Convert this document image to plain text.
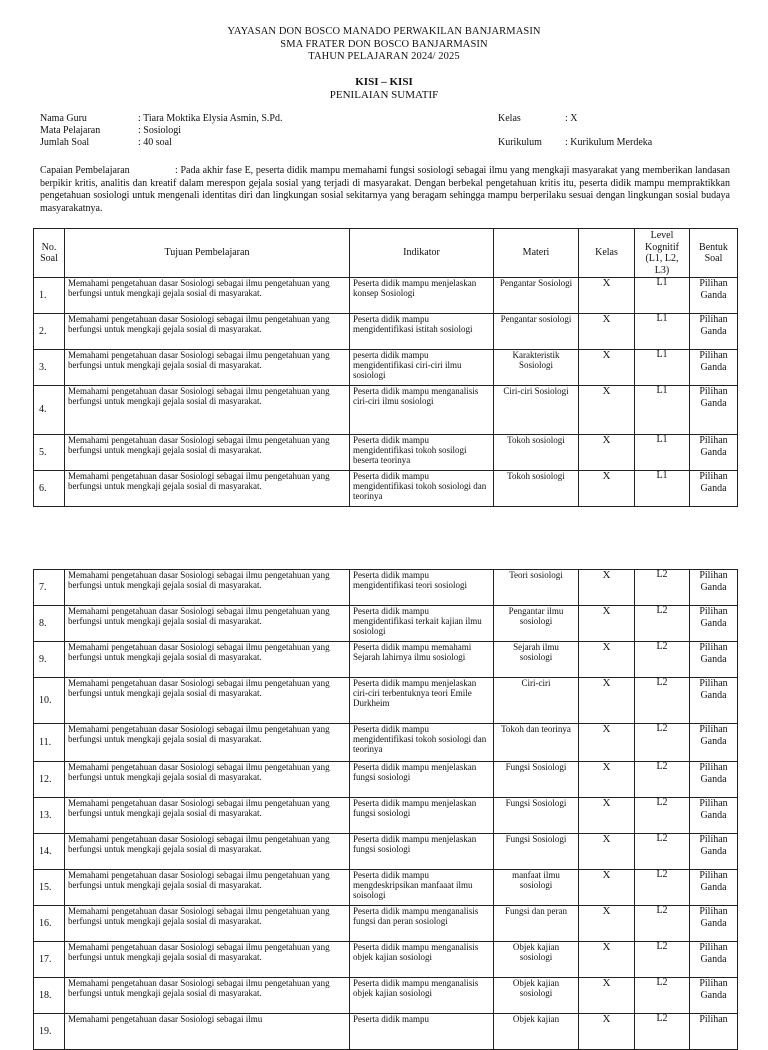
YAYASAN DON BOSCO MANADO PERWAKILAN BANJARMASIN
SMA FRATER DON BOSCO BANJARMASIN
TAHUN PELAJARAN 2024/ 2025
KISI – KISI
PENILAIAN SUMATIF
Nama Guru	: Tiara Moktika Elysia Asmin, S.Pd.	Kelas	: X
Mata Pelajaran	: Sosiologi
Jumlah Soal	: 40 soal	Kurikulum : Kurikulum Merdeka
Capaian Pembelajaran	: Pada akhir fase E, peserta didik mampu memahami fungsi sosiologi sebagai ilmu yang mengkaji masyarakat yang memberikan landasan berpikir kritis, analitis dan kreatif dalam merespon gejala sosial yang terjadi di masyarakat. Dengan berbekal pengetahuan kritis itu, peserta didik mampu mempraktikkan pengetahuan sosiologi untuk mengenali identitas diri dan lingkungan sosial sekitarnya yang beragam sehingga mampu berperilaku sesuai dengan lingkungan sosial budaya masyarakatnya.
No. Soal	Tujuan Pembelajaran	Indikator	Materi	Kelas	Level Kognitif (L1, L2, L3)	Bentuk Soal
1.	Memahami pengetahuan dasar Sosiologi sebagai ilmu pengetahuan yang berfungsi untuk mengkaji gejala sosial di masyarakat.	Peserta didik mampu menjelaskan konsep Sosiologi	Pengantar Sosiologi	X	L1	Pilihan Ganda
2.	Memahami pengetahuan dasar Sosiologi sebagai ilmu pengetahuan yang berfungsi untuk mengkaji gejala sosial di masyarakat.	Peserta didik mampu mengidentifikasi istitah sosiologi	Pengantar sosiologi	X	L1	Pilihan Ganda
3.	Memahami pengetahuan dasar Sosiologi sebagai ilmu pengetahuan yang berfungsi untuk mengkaji gejala sosial di masyarakat.	peserta didik mampu mengidentifikasi ciri-ciri ilmu sosiologi	Karakteristik Sosiologi	X	L1	Pilihan Ganda
4.	Memahami pengetahuan dasar Sosiologi sebagai ilmu pengetahuan yang berfungsi untuk mengkaji gejala sosial di masyarakat.	Peserta didik mampu menganalisis ciri-ciri ilmu sosiologi	Ciri-ciri Sosiologi	X	L1	Pilihan Ganda
5.	Memahami pengetahuan dasar Sosiologi sebagai ilmu pengetahuan yang berfungsi untuk mengkaji gejala sosial di masyarakat.	Peserta didik mampu mengidentifikasi tokoh sosilogi beserta teorinya	Tokoh sosiologi	X	L1	Pilihan Ganda
6.	Memahami pengetahuan dasar Sosiologi sebagai ilmu pengetahuan yang berfungsi untuk mengkaji gejala sosial di masyarakat.	Peserta didik mampu mengidentifikasi tokoh sosiologi dan teorinya	Tokoh sosiologi	X	L1	Pilihan Ganda
7.	Memahami pengetahuan dasar Sosiologi sebagai ilmu pengetahuan yang berfungsi untuk mengkaji gejala sosial di masyarakat.	Peserta didik mampu mengidentifikasi teori sosiologi	Teori sosiologi	X	L2	Pilihan Ganda
8.	Memahami pengetahuan dasar Sosiologi sebagai ilmu pengetahuan yang berfungsi untuk mengkaji gejala sosial di masyarakat.	Peserta didik mampu mengidentifikasi terkait kajian ilmu sosiologi	Pengantar ilmu sosiologi	X	L2	Pilihan Ganda
9.	Memahami pengetahuan dasar Sosiologi sebagai ilmu pengetahuan yang berfungsi untuk mengkaji gejala sosial di masyarakat.	Peserta didik mampu memahami Sejarah lahirnya ilmu sosiologi	Sejarah ilmu sosiologi	X	L2	Pilihan Ganda
10.	Memahami pengetahuan dasar Sosiologi sebagai ilmu pengetahuan yang berfungsi untuk mengkaji gejala sosial di masyarakat.	Peserta didik mampu menjelaskan ciri-ciri terbentuknya teori Emile Durkheim	Ciri-ciri	X	L2	Pilihan Ganda
11.	Memahami pengetahuan dasar Sosiologi sebagai ilmu pengetahuan yang berfungsi untuk mengkaji gejala sosial di masyarakat.	Peserta didik mampu mengidentifikasi tokoh sosiologi dan teorinya	Tokoh dan teorinya	X	L2	Pilihan Ganda
12.	Memahami pengetahuan dasar Sosiologi sebagai ilmu pengetahuan yang berfungsi untuk mengkaji gejala sosial di masyarakat.	Peserta didik mampu menjelaskan fungsi sosiologi	Fungsi Sosiologi	X	L2	Pilihan Ganda
13.	Memahami pengetahuan dasar Sosiologi sebagai ilmu pengetahuan yang berfungsi untuk mengkaji gejala sosial di masyarakat.	Peserta didik mampu menjelaskan fungsi sosiologi	Fungsi Sosiologi	X	L2	Pilihan Ganda
14.	Memahami pengetahuan dasar Sosiologi sebagai ilmu pengetahuan yang berfungsi untuk mengkaji gejala sosial di masyarakat.	Peserta didik mampu menjelaskan fungsi sosiologi	Fungsi Sosiologi	X	L2	Pilihan Ganda
15.	Memahami pengetahuan dasar Sosiologi sebagai ilmu pengetahuan yang berfungsi untuk mengkaji gejala sosial di masyarakat.	Peserta didik mampu mengdeskripsikan manfaaat ilmu soisologi	manfaat ilmu sosiologi	X	L2	Pilihan Ganda
16.	Memahami pengetahuan dasar Sosiologi sebagai ilmu pengetahuan yang berfungsi untuk mengkaji gejala sosial di masyarakat.	Peserta didik mampu menganalisis fungsi dan peran sosiologi	Fungsi dan peran	X	L2	Pilihan Ganda
17.	Memahami pengetahuan dasar Sosiologi sebagai ilmu pengetahuan yang berfungsi untuk mengkaji gejala sosial di masyarakat.	Peserta didik mampu menganalisis objek kajian sosiologi	Objek kajian sosiologi	X	L2	Pilihan Ganda
18.	Memahami pengetahuan dasar Sosiologi sebagai ilmu pengetahuan yang berfungsi untuk mengkaji gejala sosial di masyarakat.	Peserta didik mampu menganalisis objek kajian sosiologi	Objek kajian sosiologi	X	L2	Pilihan Ganda
19.	Memahami pengetahuan dasar Sosiologi sebagai ilmu	Peserta didik mampu	Objek kajian	X	L2	Pilihan
